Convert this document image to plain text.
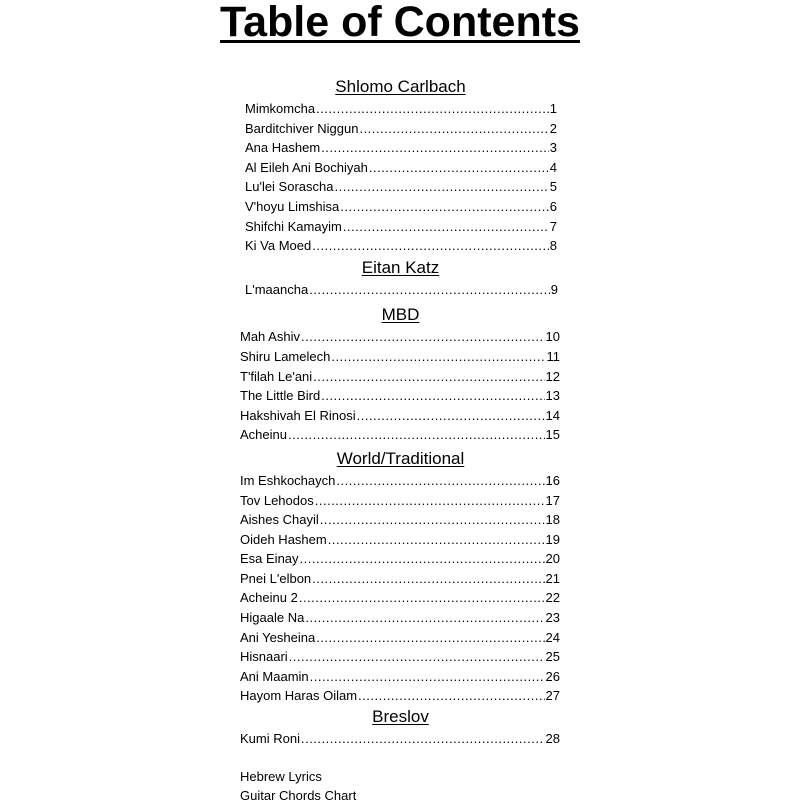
Table of Contents
Shlomo Carlbach
Mimkomcha .....	1
Barditchiver Niggun .....	2
Ana Hashem .....	3
Al Eileh Ani Bochiyah .....	4
Lu'lei Sorascha .....	5
V'hoyu Limshisa .....	6
Shifchi Kamayim .....	7
Ki Va Moed .....	8
Eitan Katz
L'maancha .....	9
MBD
Mah Ashiv .....	10
Shiru Lamelech .....	11
T'filah Le'ani .....	12
The Little Bird .....	13
Hakshivah El Rinosi .....	14
Acheinu .....	15
World/Traditional
Im Eshkochaych .....	16
Tov Lehodos .....	17
Aishes Chayil .....	18
Oideh Hashem .....	19
Esa Einay .....	20
Pnei L'elbon .....	21
Acheinu 2 .....	22
Higaale Na .....	23
Ani Yesheina .....	24
Hisnaari .....	25
Ani Maamin .....	26
Hayom Haras Oilam .....	27
Breslov
Kumi Roni .....	28
Hebrew Lyrics
Guitar Chords Chart
